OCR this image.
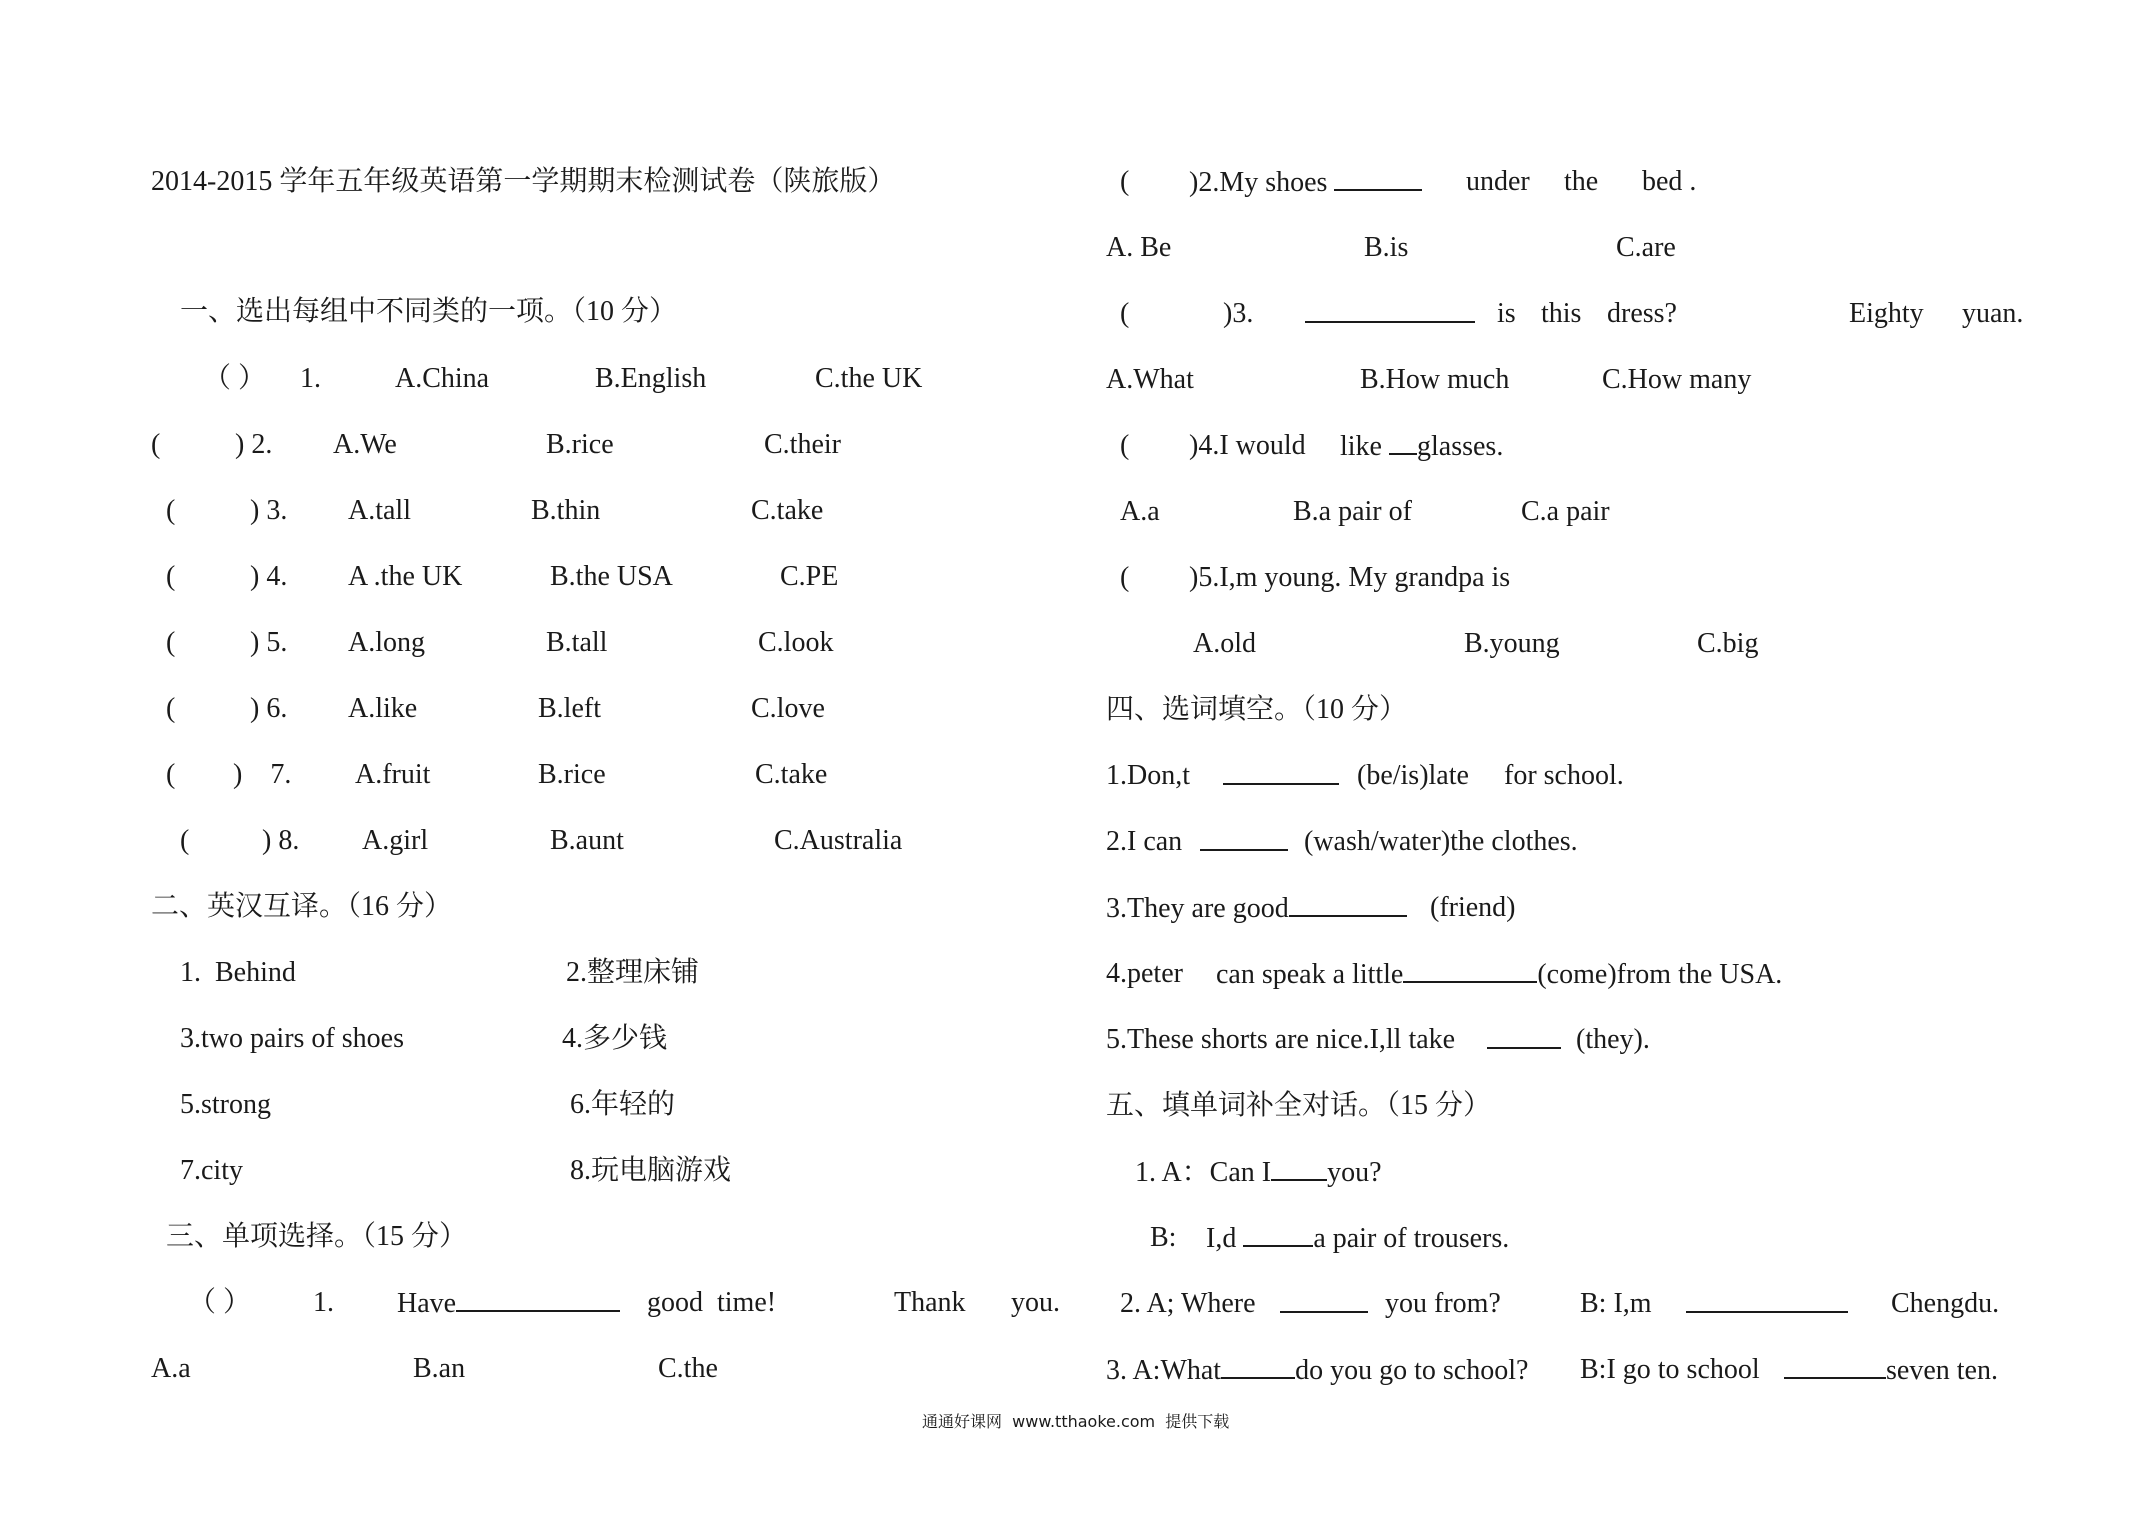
2014-2015 学年五年级英语第一学期期末检测试卷（陕旅版）
一、选出每组中不同类的一项。（10 分）
（ ） 1.	A.China	B.English	C.the UK
(	) 2. A.We	B.rice	C.their
(	) 3. A.tall	B.thin	C.take
(	) 4. A .the UK	B.the USA	C.PE
(	) 5. A.long	B.tall	C.look
(	) 6. A.like	B.left	C.love
( )    7. A.fruit	B.rice	C.take
(	) 8. A.girl	B.aunt	C.Australia
二、英汉互译。（16 分）
1.  Behind	2.整理床铺
3.two pairs of shoes	4.多少钱
5.strong	6.年轻的
7.city	8.玩电脑游戏
三、单项选择。（15 分）
（ ） 1. Have	good  time!	Thank you.
A.a	B.an	C.the
( )2.My shoes	under the bed .
A. Be	B.is	C.are
(	)3.	is this dress?	Eighty yuan.
A.What	B.How much	C.How many
( )4.I would like glasses.
A.a	B.a pair of	C.a pair
( )5.I,m young. My grandpa is
A.old	B.young	C.big
四、选词填空。（10 分）
1.Don,t	(be/is)late for school.
2.I can	(wash/water)the clothes.
3.They are good	(friend)
4.peter can speak a little	(come)from the USA.
5.These shorts are nice.I,ll take	(they).
五、填单词补全对话。（15 分）
1. A：Can I you?
B: I,d	a pair of trousers.
2. A; Where	you from?	B: I,m	Chengdu.
3. A:What	do you go to school? B:I go to school	seven ten.
通通好课网  www.tthaoke.com  提供下载
